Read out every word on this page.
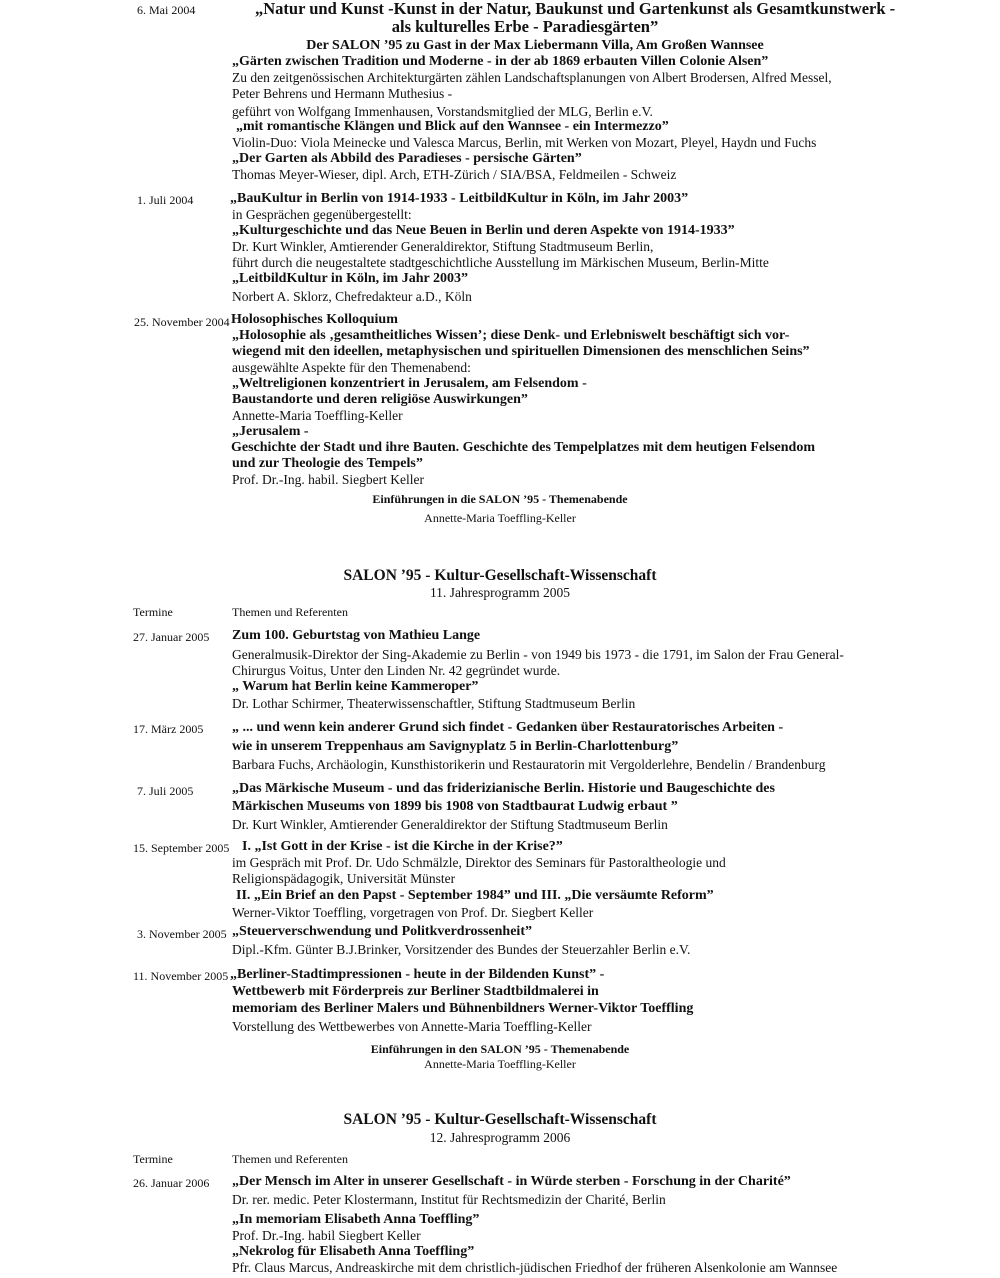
6. Mai 2004	„Natur und Kunst -Kunst in der Natur, Baukunst und Gartenkunst als Gesamtkunstwerk -
als kulturelles Erbe - Paradiesgärten”
Der SALON ’95 zu Gast in der Max Liebermann Villa, Am Großen Wannsee
„Gärten zwischen Tradition und Moderne - in der ab 1869 erbauten Villen Colonie Alsen”
Zu den zeitgenössischen Architekturgärten zählen Landschaftsplanungen von Albert Brodersen, Alfred Messel,
Peter Behrens und Hermann Muthesius -
geführt von Wolfgang Immenhausen, Vorstandsmitglied der MLG, Berlin e.V.
„mit romantische Klängen und Blick auf den Wannsee - ein Intermezzo”
Violin-Duo: Viola Meinecke und Valesca Marcus, Berlin, mit Werken von Mozart, Pleyel, Haydn und Fuchs
„Der Garten als Abbild des Paradieses - persische Gärten”
Thomas Meyer-Wieser, dipl. Arch, ETH-Zürich / SIA/BSA, Feldmeilen - Schweiz
1. Juli 2004	„BauKultur in Berlin von 1914-1933 - LeitbildKultur in Köln, im Jahr 2003”
in Gesprächen gegenübergestellt:
„Kulturgeschichte und das Neue Beuen in Berlin und deren Aspekte von 1914-1933”
Dr. Kurt Winkler, Amtierender Generaldirektor, Stiftung Stadtmuseum Berlin,
führt durch die neugestaltete stadtgeschichtliche Ausstellung im Märkischen Museum, Berlin-Mitte
„LeitbildKultur in Köln, im Jahr 2003”
Norbert A. Sklorz, Chefredakteur a.D., Köln
25. November 2004 Holosophisches Kolloquium
„Holosophie als ‚gesamtheitliches Wissen’; diese Denk- und Erlebniswelt beschäftigt sich vor-
wiegend mit den ideellen, metaphysischen und spirituellen Dimensionen des menschlichen Seins”
ausgewählte Aspekte für den Themenabend:
„Weltreligionen konzentriert in Jerusalem, am Felsendom -
Baustandorte und deren religiöse Auswirkungen”
Annette-Maria Toeffling-Keller
„Jerusalem -
Geschichte der Stadt und ihre Bauten. Geschichte des Tempelplatzes mit dem heutigen Felsendom
und zur Theologie des Tempels”
Prof. Dr.-Ing. habil. Siegbert Keller
Einführungen in die SALON ’95 - Themenabende
Annette-Maria Toeffling-Keller
SALON ’95 - Kultur-Gesellschaft-Wissenschaft
11. Jahresprogramm 2005
Termine	Themen und Referenten
27. Januar 2005 Zum 100. Geburtstag von Mathieu Lange
Generalmusik-Direktor der Sing-Akademie zu Berlin - von 1949 bis 1973 - die 1791, im Salon der Frau General-
Chirurgus Voitus, Unter den Linden Nr. 42 gegründet wurde.
„ Warum hat Berlin keine Kammeroper”
Dr. Lothar Schirmer, Theaterwissenschaftler, Stiftung Stadtmuseum Berlin
17. März 2005 „ ... und wenn kein anderer Grund sich findet - Gedanken über Restauratorisches Arbeiten -
wie in unserem Treppenhaus am Savignyplatz 5 in Berlin-Charlottenburg”
Barbara Fuchs, Archäologin, Kunsthistorikerin und Restauratorin mit Vergolderlehre, Bendelin / Brandenburg
7. Juli 2005	„Das Märkische Museum - und das friderizianische Berlin. Historie und Baugeschichte des
Märkischen Museums von 1899 bis 1908 von Stadtbaurat Ludwig erbaut ”
Dr. Kurt Winkler, Amtierender Generaldirektor der Stiftung Stadtmuseum Berlin
15. September 2005 I. „Ist Gott in der Krise - ist die Kirche in der Krise?”
im Gespräch mit Prof. Dr. Udo Schmälzle, Direktor des Seminars für Pastoraltheologie und
Religionspädagogik, Universität Münster
II. „Ein Brief an den Papst - September 1984” und III. „Die versäumte Reform”
Werner-Viktor Toeffling, vorgetragen von Prof. Dr. Siegbert Keller
3. November 2005 „Steuerverschwendung und Politkverdrossenheit”
Dipl.-Kfm. Günter B.J.Brinker, Vorsitzender des Bundes der Steuerzahler Berlin e.V.
11. November 2005 „Berliner-Stadtimpressionen - heute in der Bildenden Kunst” -
Wettbewerb mit Förderpreis zur Berliner Stadtbildmalerei in
memoriam des Berliner Malers und Bühnenbildners Werner-Viktor Toeffling
Vorstellung des Wettbewerbes von Annette-Maria Toeffling-Keller
Einführungen in den SALON ’95 - Themenabende
Annette-Maria Toeffling-Keller
SALON ’95 - Kultur-Gesellschaft-Wissenschaft
12. Jahresprogramm 2006
Termine	Themen und Referenten
26. Januar 2006 „Der Mensch im Alter in unserer Gesellschaft - in Würde sterben - Forschung in der Charité”
Dr. rer. medic. Peter Klostermann, Institut für Rechtsmedizin der Charité, Berlin
„In memoriam Elisabeth Anna Toeffling”
Prof. Dr.-Ing. habil Siegbert Keller
„Nekrolog für Elisabeth Anna Toeffling”
Pfr. Claus Marcus, Andreaskirche mit dem christlich-jüdischen Friedhof der früheren Alsenkolonie am Wannsee
